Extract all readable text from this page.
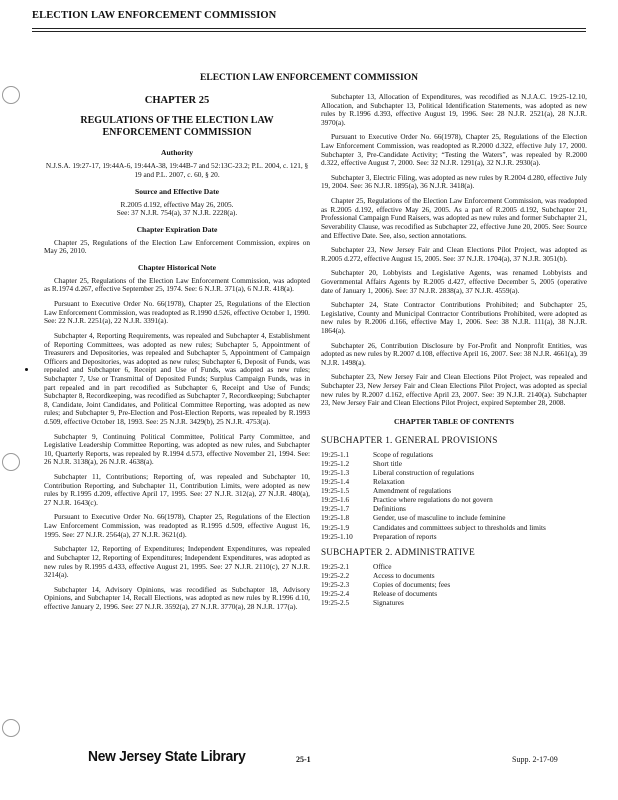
ELECTION LAW ENFORCEMENT COMMISSION
ELECTION LAW ENFORCEMENT COMMISSION
CHAPTER 25
REGULATIONS OF THE ELECTION LAW
ENFORCEMENT COMMISSION
Authority

N.J.S.A. 19:27-17, 19:44A-6, 19:44A-38, 19:44B-7 and 52:13C-23.2; P.L. 2004, c. 121, § 19 and P.L. 2007, c. 60, § 20.

Source and Effective Date

R.2005 d.192, effective May 26, 2005.

See: 37 N.J.R. 754(a), 37 N.J.R. 2228(a).

Chapter Expiration Date

Chapter 25, Regulations of the Election Law Enforcement Commission, expires on May 26, 2010.

Chapter Historical Note

Chapter 25, Regulations of the Election Law Enforcement Commission, was adopted as R.1974 d.267, effective September 25, 1974. See: 6 N.J.R. 371(a), 6 N.J.R. 418(a).

Pursuant to Executive Order No. 66(1978), Chapter 25, Regulations of the Election Law Enforcement Commission, was readopted as R.1990 d.526, effective October 1, 1990. See: 22 N.J.R. 2251(a), 22 N.J.R. 3391(a).

Subchapter 4, Reporting Requirements, was repealed and Subchapter 4, Establishment of Reporting Committees, was adopted as new rules; Subchapter 5, Appointment of Treasurers and Depositories, was repealed and Subchapter 5, Appointment of Campaign Officers and Depositories, was adopted as new rules; Subchapter 6, Deposit of Funds, was repealed and Subchapter 6, Receipt and Use of Funds, was adopted as new rules; Subchapter 7, Use or Transmittal of Deposited Funds; Surplus Campaign Funds, was in part repealed and in part recodified as Subchapter 6, Receipt and Use of Funds; Subchapter 8, Recordkeeping, was recodified as Subchapter 7, Recordkeeping; Subchapter 8, Candidate, Joint Candidates, and Political Committee Reporting, was adopted as new rules; and Subchapter 9, Pre-Election and Post-Election Reports, was repealed by R.1993 d.509, effective October 18, 1993. See: 25 N.J.R. 3429(b), 25 N.J.R. 4753(a).

Subchapter 9, Continuing Political Committee, Political Party Committee, and Legislative Leadership Committee Reporting, was adopted as new rules, and Subchapter 10, Quarterly Reports, was repealed by R.1994 d.573, effective November 21, 1994. See: 26 N.J.R. 3138(a), 26 N.J.R. 4638(a).

Subchapter 11, Contributions; Reporting of, was repealed and Subchapter 10, Contribution Reporting, and Subchapter 11, Contribution Limits, were adopted as new rules by R.1995 d.209, effective April 17, 1995. See: 27 N.J.R. 312(a), 27 N.J.R. 480(a), 27 N.J.R. 1643(c).

Pursuant to Executive Order No. 66(1978), Chapter 25, Regulations of the Election Law Enforcement Commission, was readopted as R.1995 d.509, effective August 16, 1995. See: 27 N.J.R. 2564(a), 27 N.J.R. 3621(d).

Subchapter 12, Reporting of Expenditures; Independent Expenditures, was repealed and Subchapter 12, Reporting of Expenditures; Independent Expenditures, was adopted as new rules by R.1995 d.433, effective August 21, 1995. See: 27 N.J.R. 2110(c), 27 N.J.R. 3214(a).

Subchapter 14, Advisory Opinions, was recodified as Subchapter 18, Advisory Opinions, and Subchapter 14, Recall Elections, was adopted as new rules by R.1996 d.10, effective January 2, 1996. See: 27 N.J.R. 3592(a), 27 N.J.R. 3770(a), 28 N.J.R. 177(a).

Subchapter 13, Allocation of Expenditures, was recodified as N.J.A.C. 19:25-12.10, Allocation, and Subchapter 13, Political Identification Statements, was adopted as new rules by R.1996 d.393, effective August 19, 1996. See: 28 N.J.R. 2521(a), 28 N.J.R. 3970(a).

Pursuant to Executive Order No. 66(1978), Chapter 25, Regulations of the Election Law Enforcement Commission, was readopted as R.2000 d.322, effective July 17, 2000. Subchapter 3, Pre-Candidate Activity; “Testing the Waters”, was repealed by R.2000 d.322, effective August 7, 2000. See: 32 N.J.R. 1291(a), 32 N.J.R. 2930(a).

Subchapter 3, Electric Filing, was adopted as new rules by R.2004 d.280, effective July 19, 2004. See: 36 N.J.R. 1895(a), 36 N.J.R. 3418(a).

Chapter 25, Regulations of the Election Law Enforcement Commission, was readopted as R.2005 d.192, effective May 26, 2005. As a part of R.2005 d.192, Subchapter 21, Professional Campaign Fund Raisers, was adopted as new rules and former Subchapter 21, Severability Clause, was recodified as Subchapter 22, effective June 20, 2005. See: Source and Effective Date. See, also, section annotations.

Subchapter 23, New Jersey Fair and Clean Elections Pilot Project, was adopted as R.2005 d.272, effective August 15, 2005. See: 37 N.J.R. 1704(a), 37 N.J.R. 3051(b).

Subchapter 20, Lobbyists and Legislative Agents, was renamed Lobbyists and Governmental Affairs Agents by R.2005 d.427, effective December 5, 2005 (operative date of January 1, 2006). See: 37 N.J.R. 2838(a), 37 N.J.R. 4559(a).

Subchapter 24, State Contractor Contributions Prohibited; and Subchapter 25, Legislative, County and Municipal Contractor Contributions Prohibited, were adopted as new rules by R.2006 d.166, effective May 1, 2006. See: 38 N.J.R. 111(a), 38 N.J.R. 1864(a).

Subchapter 26, Contribution Disclosure by For-Profit and Nonprofit Entities, was adopted as new rules by R.2007 d.108, effective April 16, 2007. See: 38 N.J.R. 4661(a), 39 N.J.R. 1498(a).

Subchapter 23, New Jersey Fair and Clean Elections Pilot Project, was repealed and Subchapter 23, New Jersey Fair and Clean Elections Pilot Project, was adopted as special new rules by R.2007 d.162, effective April 23, 2007. See: 39 N.J.R. 2140(a). Subchapter 23, New Jersey Fair and Clean Elections Pilot Project, expired September 28, 2008.

CHAPTER TABLE OF CONTENTS
SUBCHAPTER 1. GENERAL PROVISIONS
19:25-1.1	Scope of regulations
19:25-1.2	Short title
19:25-1.3	Liberal construction of regulations
19:25-1.4	Relaxation
19:25-1.5	Amendment of regulations
19:25-1.6	Practice where regulations do not govern
19:25-1.7	Definitions
19:25-1.8	Gender, use of masculine to include feminine
19:25-1.9	Candidates and committees subject to thresholds and limits
19:25-1.10	Preparation of reports
SUBCHAPTER 2. ADMINISTRATIVE
19:25-2.1	Office
19:25-2.2	Access to documents
19:25-2.3	Copies of documents; fees
19:25-2.4	Release of documents
19:25-2.5	Signatures
New Jersey State Library	25-1	Supp. 2-17-09
